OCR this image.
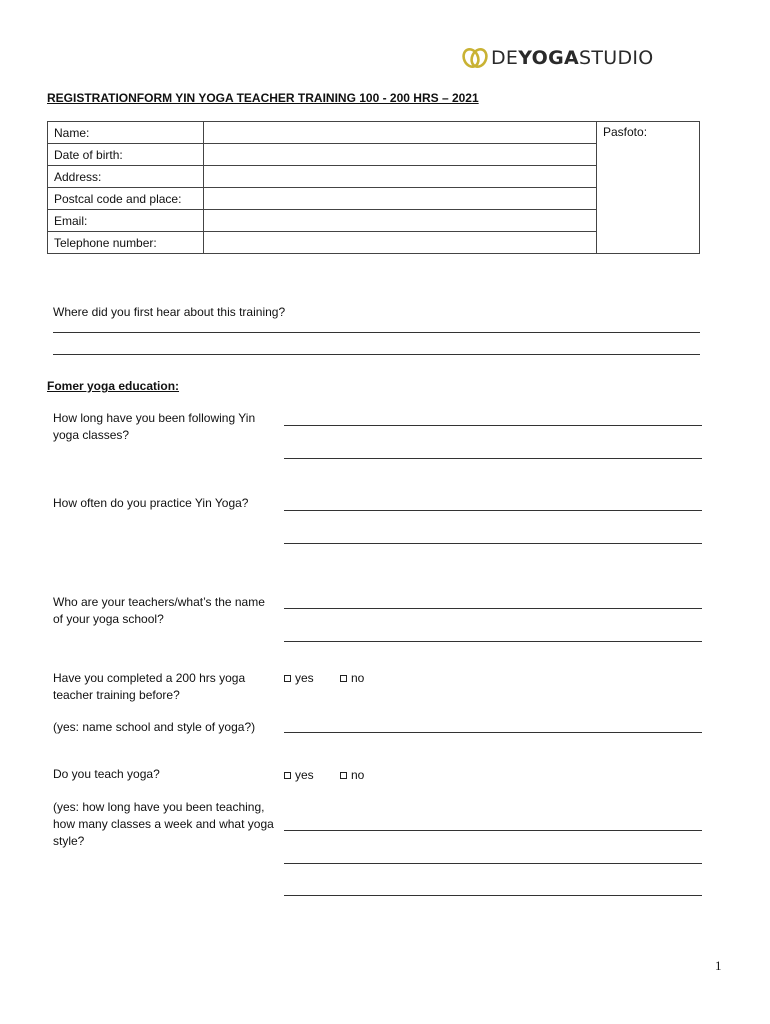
DEYOGASTUDIO
REGISTRATIONFORM YIN YOGA TEACHER TRAINING 100 - 200 HRS – 2021
Name:		Pasfoto:
Date of birth:		
Address:		
Postcal code and place:		
Email:		
Telephone number:		
Where did you first hear about this training?
Fomer yoga education:
How long have you been following Yin yoga classes?
How often do you practice Yin Yoga?
Who are your teachers/what’s the name of your yoga school?
Have you completed a 200 hrs yoga teacher training before?
yes	no
(yes: name school and style of yoga?)
Do you teach yoga?	yes	no
(yes: how long have you been teaching, how many classes a week and what yoga style?
1
